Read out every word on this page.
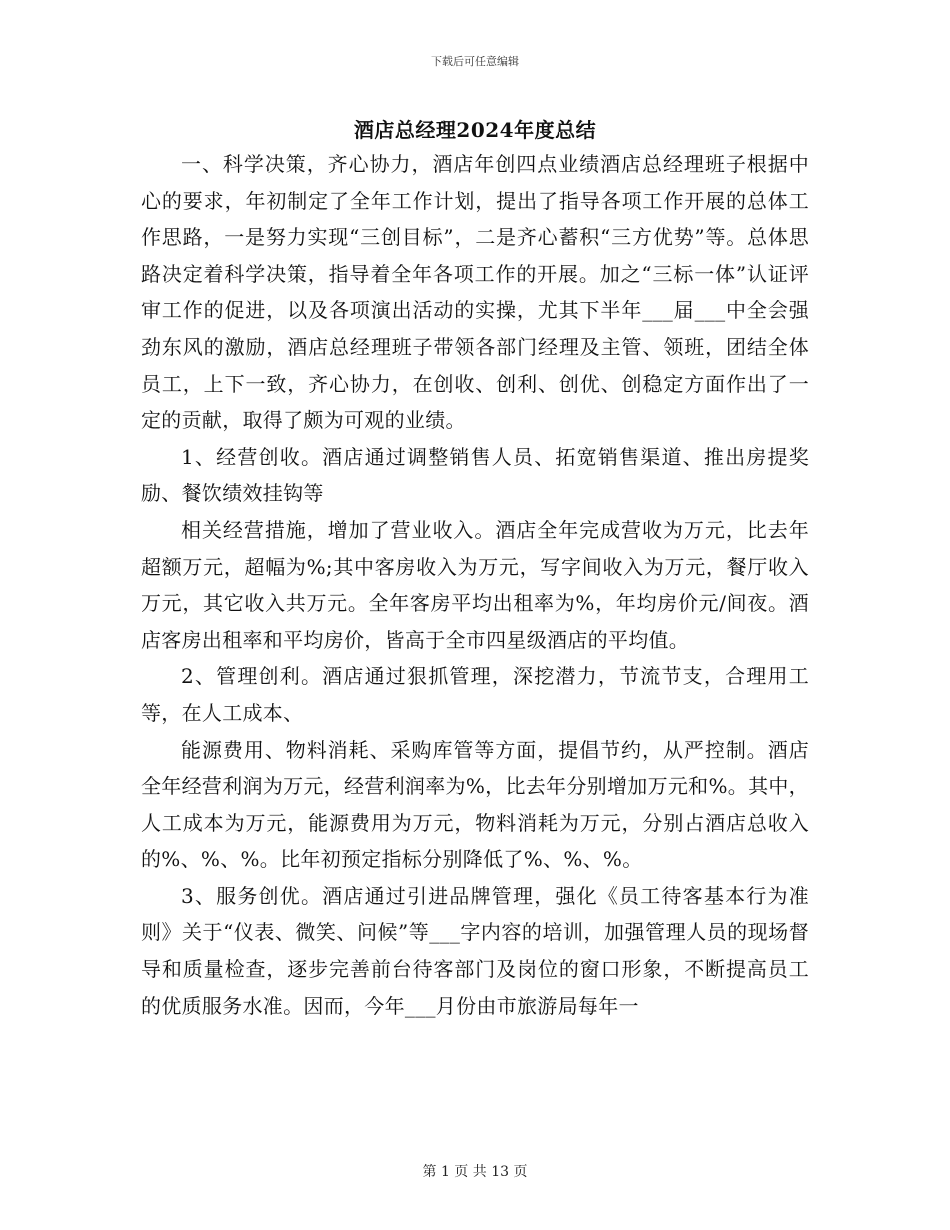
下载后可任意编辑
酒店总经理2024年度总结

一、科学决策，齐心协力，酒店年创四点业绩酒店总经理班子根据中心的要求，年初制定了全年工作计划，提出了指导各项工作开展的总体工作思路，一是努力实现“三创目标”，二是齐心蓄积“三方优势”等。总体思路决定着科学决策，指导着全年各项工作的开展。加之“三标一体”认证评审工作的促进，以及各项演出活动的实操，尤其下半年___届___中全会强劲东风的激励，酒店总经理班子带领各部门经理及主管、领班，团结全体员工，上下一致，齐心协力，在创收、创利、创优、创稳定方面作出了一定的贡献，取得了颇为可观的业绩。

1、经营创收。酒店通过调整销售人员、拓宽销售渠道、推出房提奖励、餐饮绩效挂钩等

相关经营措施，增加了营业收入。酒店全年完成营收为万元，比去年超额万元，超幅为%;其中客房收入为万元，写字间收入为万元，餐厅收入万元，其它收入共万元。全年客房平均出租率为%，年均房价元/间夜。酒店客房出租率和平均房价，皆高于全市四星级酒店的平均值。

2、管理创利。酒店通过狠抓管理，深挖潜力，节流节支，合理用工等，在人工成本、

能源费用、物料消耗、采购库管等方面，提倡节约，从严控制。酒店全年经营利润为万元，经营利润率为%，比去年分别增加万元和%。其中，人工成本为万元，能源费用为万元，物料消耗为万元，分别占酒店总收入的%、%、%。比年初预定指标分别降低了%、%、%。

3、服务创优。酒店通过引进品牌管理，强化《员工待客基本行为准则》关于“仪表、微笑、问候”等___字内容的培训，加强管理人员的现场督导和质量检查，逐步完善前台待客部门及岗位的窗口形象，不断提高员工的优质服务水准。因而，今年___月份由市旅游局每年一

第 1 页 共 13 页
